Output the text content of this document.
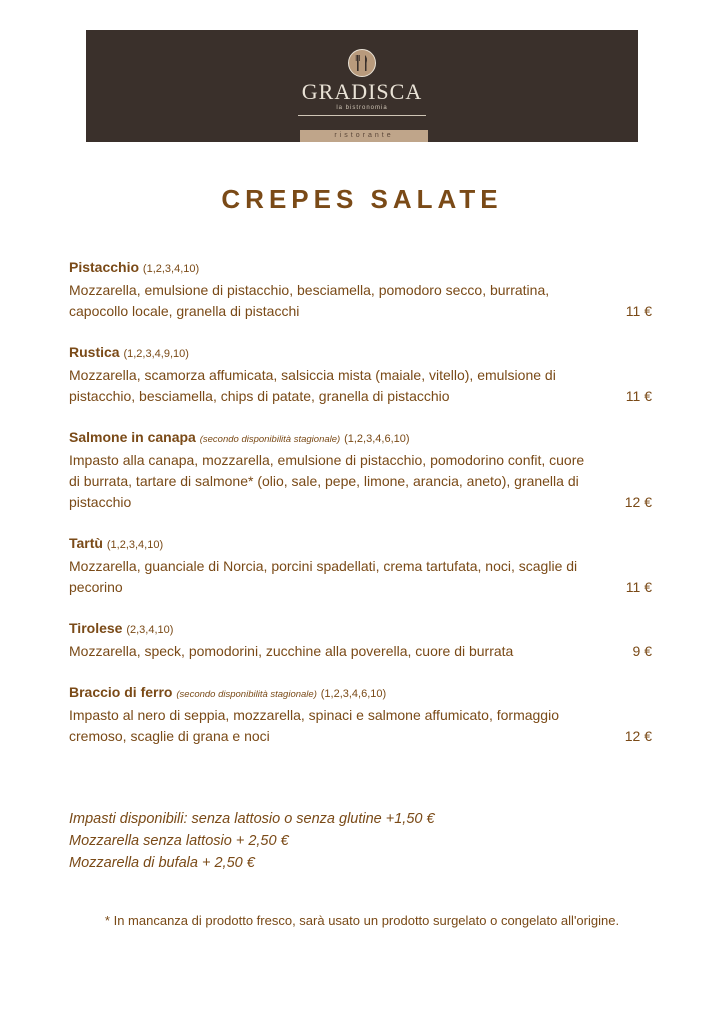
GRADISCA
la bistronomia
ristorante
CREPES SALATE
Pistacchio (1,2,3,4,10)
Mozzarella, emulsione di pistacchio, besciamella, pomodoro secco, burratina, capocollo locale, granella di pistacchi	11 €
Rustica (1,2,3,4,9,10)
Mozzarella, scamorza affumicata, salsiccia mista (maiale, vitello), emulsione di pistacchio, besciamella, chips di patate, granella di pistacchio	11 €
Salmone in canapa (secondo disponibilità stagionale) (1,2,3,4,6,10)
Impasto alla canapa, mozzarella, emulsione di pistacchio, pomodorino confit, cuore di burrata, tartare di salmone* (olio, sale, pepe, limone, arancia, aneto), granella di pistacchio	12 €
Tartù (1,2,3,4,10)
Mozzarella, guanciale di Norcia, porcini spadellati, crema tartufata, noci, scaglie di pecorino	11 €
Tirolese (2,3,4,10)
Mozzarella, speck, pomodorini, zucchine alla poverella, cuore di burrata	9 €
Braccio di ferro (secondo disponibilità stagionale) (1,2,3,4,6,10)
Impasto al nero di seppia, mozzarella, spinaci e salmone affumicato, formaggio cremoso, scaglie di grana e noci	12 €
Impasti disponibili: senza lattosio o senza glutine +1,50 €
Mozzarella senza lattosio + 2,50 €
Mozzarella di bufala + 2,50 €
* In mancanza di prodotto fresco, sarà usato un prodotto surgelato o congelato all'origine.
